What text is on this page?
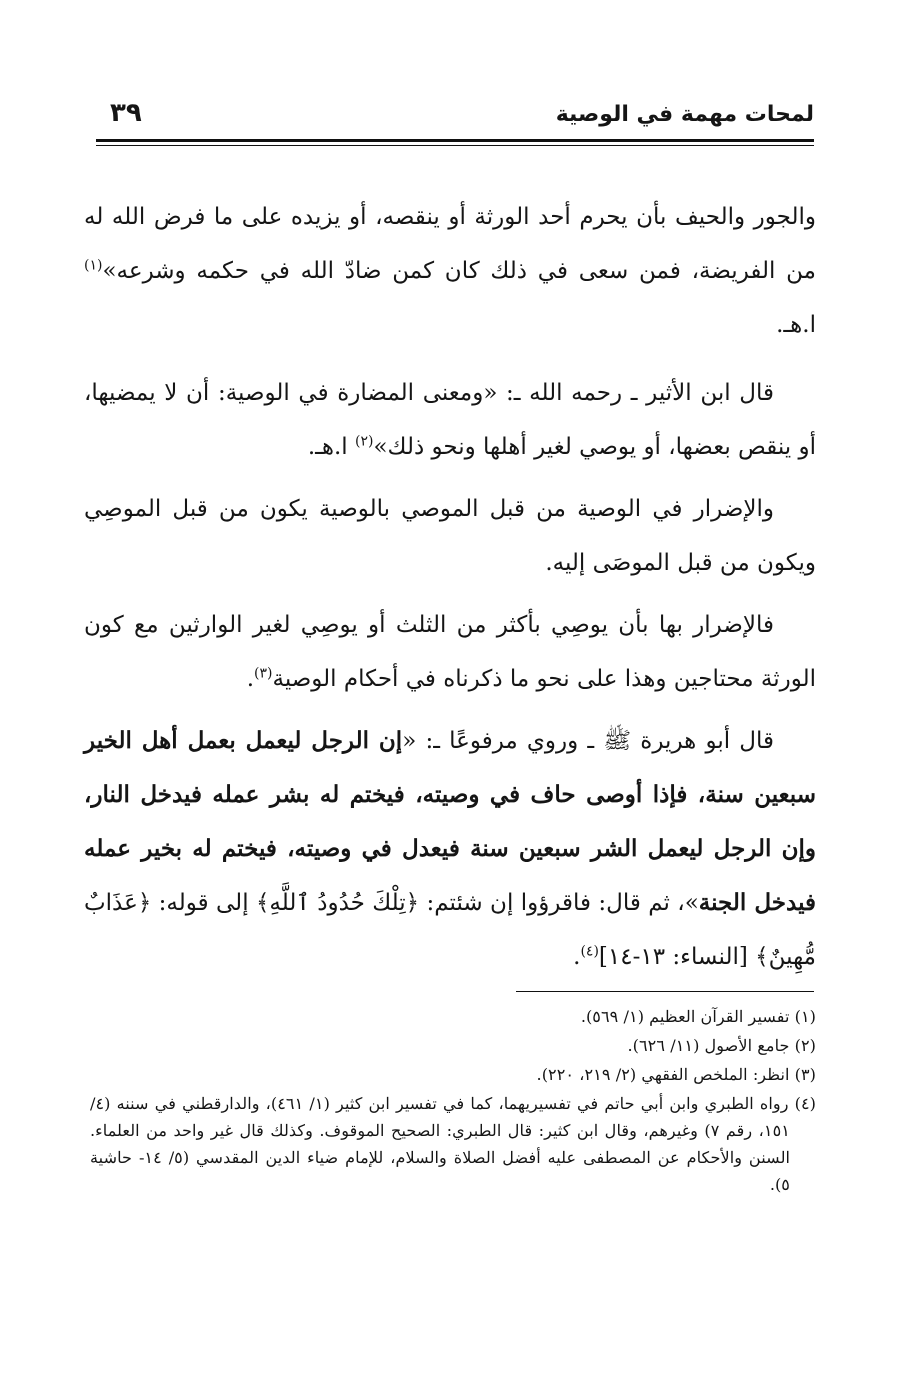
لمحات مهمة في الوصية
٣٩

والجور والحيف بأن يحرم أحد الورثة أو ينقصه، أو يزيده على ما فرض الله له من الفريضة، فمن سعى في ذلك كان كمن ضادّ الله في حكمه وشرعه»$^{(١)}$ ا.هـ.

قال ابن الأثير ـ رحمه الله ـ: «ومعنى المضارة في الوصية: أن لا يمضيها، أو ينقص بعضها، أو يوصي لغير أهلها ونحو ذلك»$^{(٢)}$ ا.هـ.

والإضرار في الوصية من قبل الموصي بالوصية يكون من قبل الموصِي ويكون من قبل الموصَى إليه.

فالإضرار بها بأن يوصِي بأكثر من الثلث أو يوصِي لغير الوارثين مع كون الورثة محتاجين وهذا على نحو ما ذكرناه في أحكام الوصية$^{(٣)}$.

قال أبو هريرة ﷺ ـ وروي مرفوعًا ـ: «إن الرجل ليعمل بعمل أهل الخير سبعين سنة، فإذا أوصى حاف في وصيته، فيختم له بشر عمله فيدخل النار، وإن الرجل ليعمل الشر سبعين سنة فيعدل في وصيته، فيختم له بخير عمله فيدخل الجنة»، ثم قال: فاقرؤوا إن شئتم: ﴿تِلْكَ حُدُودُ ٱللَّهِ﴾ إلى قوله: ﴿عَذَابٌ مُّهِينٌ﴾ [النساء: ١٣-١٤]$^{(٤)}$.

(١) تفسير القرآن العظيم (١/ ٥٦٩).
(٢) جامع الأصول (١١/ ٦٢٦).
(٣) انظر: الملخص الفقهي (٢/ ٢١٩، ٢٢٠).
(٤) رواه الطبري وابن أبي حاتم في تفسيريهما، كما في تفسير ابن كثير (١/ ٤٦١)، والدارقطني في سننه (٤/ ١٥١، رقم ٧) وغيرهم، وقال ابن كثير: قال الطبري: الصحيح الموقوف. وكذلك قال غير واحد من العلماء. السنن والأحكام عن المصطفى عليه أفضل الصلاة والسلام، للإمام ضياء الدين المقدسي (٥/ ١٤- حاشية ٥).
